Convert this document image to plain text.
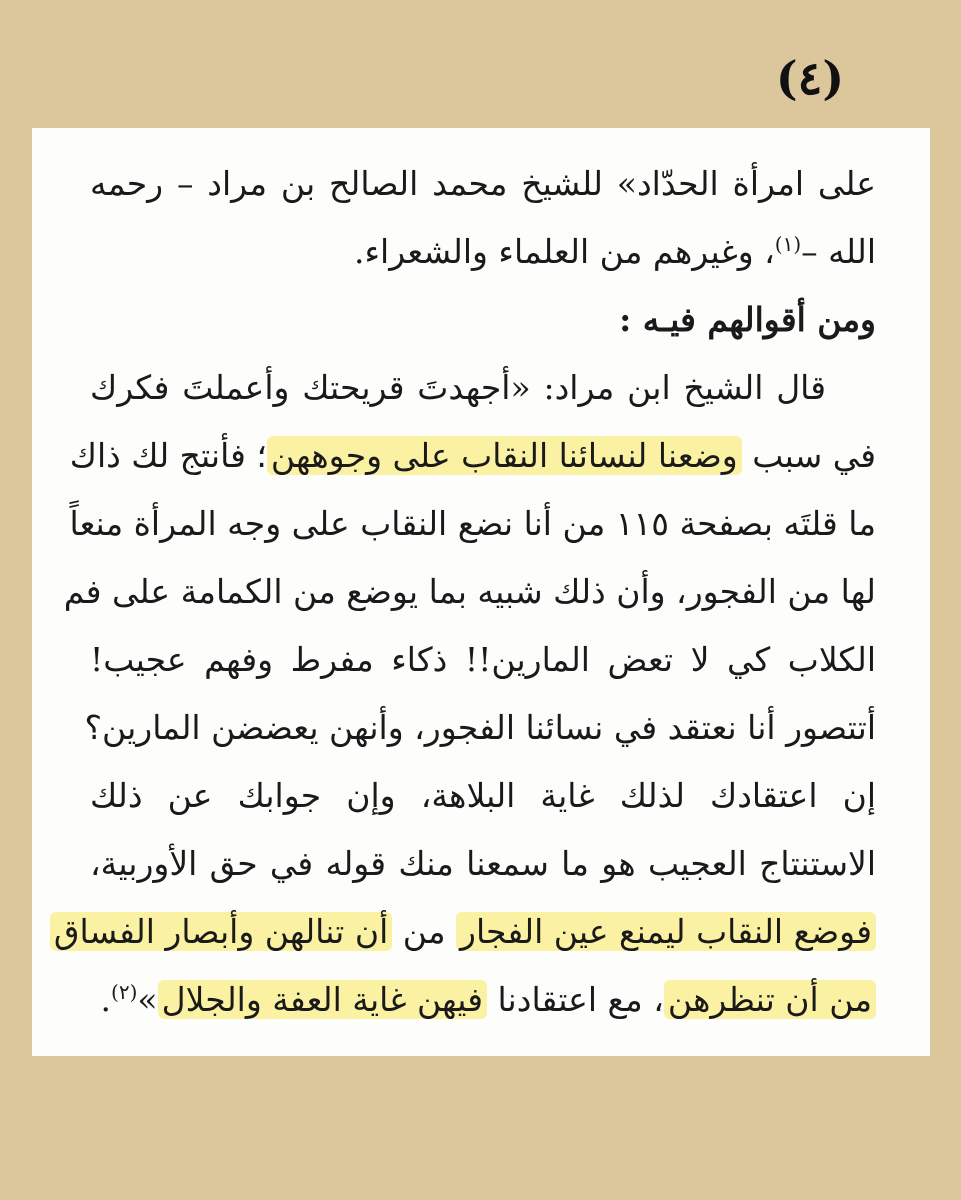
(٤)
على امرأة الحدّاد» للشيخ محمد الصالح بن مراد – رحمه
الله –$^{(١)}$، وغيرهم من العلماء والشعراء.
ومن أقوالهم فيـه :
قال الشيخ ابن مراد: «أجهدتَ قريحتك وأعملتَ فكرك
في سبب وضعنا لنسائنا النقاب على وجوههن؛ فأنتج لك ذاك
ما قلتَه بصفحة ١١٥ من أنا نضع النقاب على وجه المرأة منعاً
لها من الفجور، وأن ذلك شبيه بما يوضع من الكمامة على فم
الكلاب كي لا تعض المارين!! ذكاء مفرط وفهم عجيب!
أتتصور أنا نعتقد في نسائنا الفجور، وأنهن يعضضن المارين؟
إن اعتقادك لذلك غاية البلاهة، وإن جوابك عن ذلك
الاستنتاج العجيب هو ما سمعنا منك قوله في حق الأوربية،
فوضع النقاب ليمنع عين الفجار من أن تنالهن وأبصار الفساق
من أن تنظرهن، مع اعتقادنا فيهن غاية العفة والجلال»$^{(٢)}$.
